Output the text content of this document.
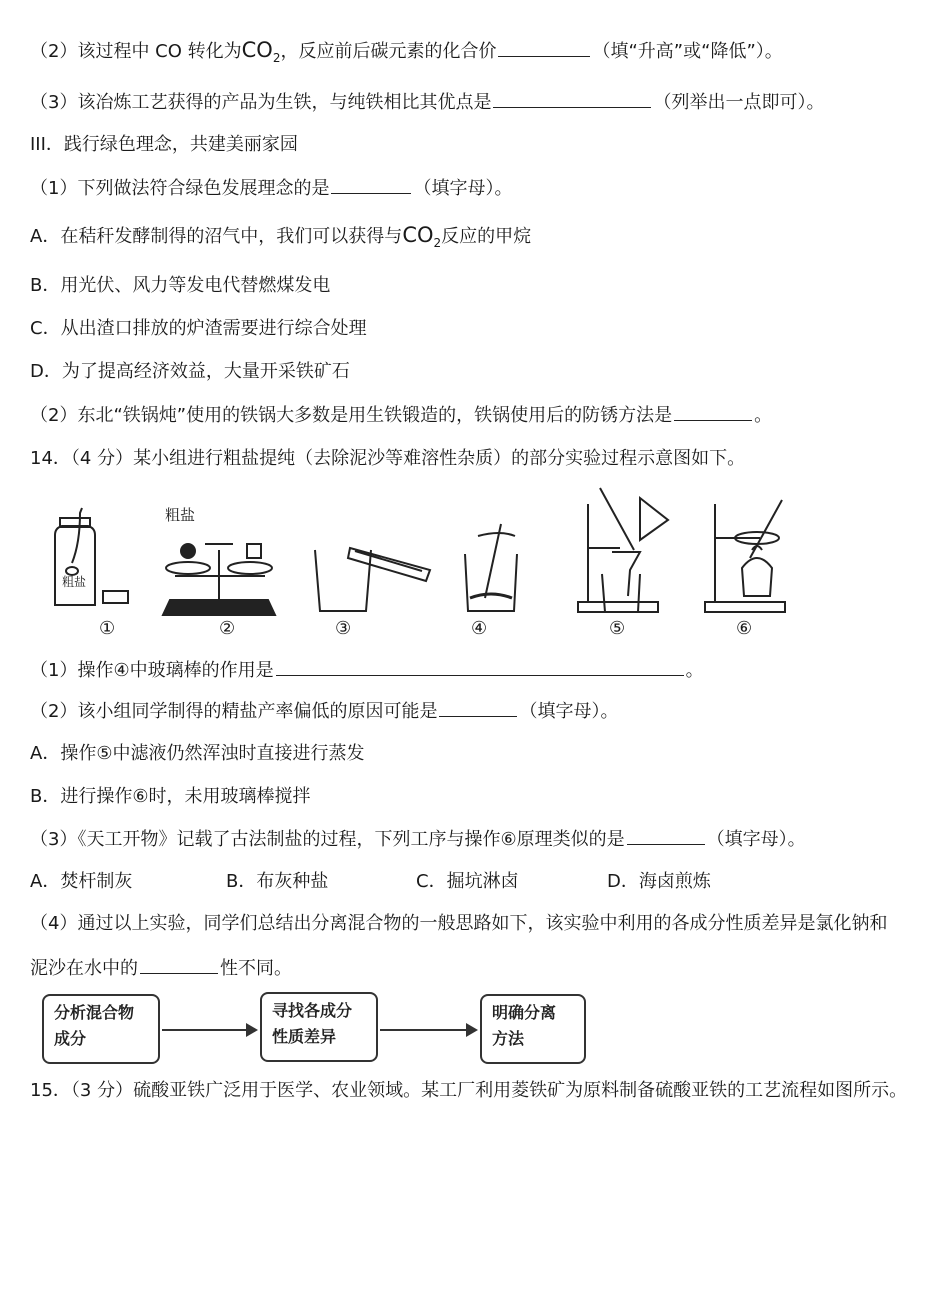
（2）该过程中 CO 转化为$CO_2$，反应前后碳元素的化合价	（填“升高”或“降低”）。
（3）该冶炼工艺获得的产品为生铁，与纯铁相比其优点是	（列举出一点即可）。
III．践行绿色理念，共建美丽家园
（1）下列做法符合绿色发展理念的是	（填字母）。
A．在秸秆发酵制得的沼气中，我们可以获得与$CO_2$反应的甲烷
B．用光伏、风力等发电代替燃煤发电
C．从出渣口排放的炉渣需要进行综合处理
D．为了提高经济效益，大量开采铁矿石
（2）东北“铁锅炖”使用的铁锅大多数是用生铁锻造的，铁锅使用后的防锈方法是	。
14．（4 分）某小组进行粗盐提纯（去除泥沙等难溶性杂质）的部分实验过程示意图如下。
粗盐
粗盐
①	②	③	④	⑤	⑥
（1）操作④中玻璃棒的作用是	。
（2）该小组同学制得的精盐产率偏低的原因可能是	（填字母）。
A．操作⑤中滤液仍然浑浊时直接进行蒸发
B．进行操作⑥时，未用玻璃棒搅拌
（3）《天工开物》记载了古法制盐的过程，下列工序与操作⑥原理类似的是	（填字母）。
A．焚杆制灰	B．布灰种盐	C．掘坑淋卤	D．海卤煎炼
（4）通过以上实验，同学们总结出分离混合物的一般思路如下，该实验中利用的各成分性质差异是氯化钠和
泥沙在水中的	性不同。
分析混合物
成分
寻找各成分
性质差异
明确分离
方法
15．（3 分）硫酸亚铁广泛用于医学、农业领域。某工厂利用菱铁矿为原料制备硫酸亚铁的工艺流程如图所示。
